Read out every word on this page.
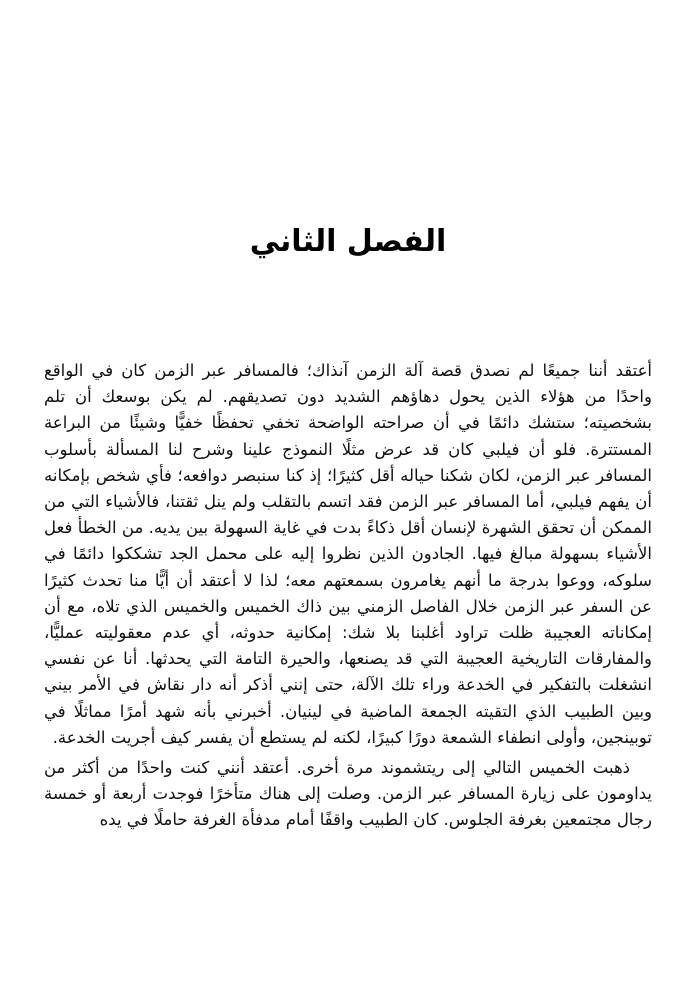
الفصل الثاني

أعتقد أننا جميعًا لم نصدق قصة آلة الزمن آنذاك؛ فالمسافر عبر الزمن كان في الواقع واحدًا من هؤلاء الذين يحول دهاؤهم الشديد دون تصديقهم. لم يكن بوسعك أن تلم بشخصيته؛ ستشك دائمًا في أن صراحته الواضحة تخفي تحفظًا خفيًّا وشيئًا من البراعة المستترة. فلو أن فيلبي كان قد عرض مثلًا النموذج علينا وشرح لنا المسألة بأسلوب المسافر عبر الزمن، لكان شكنا حياله أقل كثيرًا؛ إذ كنا سنبصر دوافعه؛ فأي شخص بإمكانه أن يفهم فيلبي، أما المسافر عبر الزمن فقد اتسم بالتقلب ولم ينل ثقتنا، فالأشياء التي من الممكن أن تحقق الشهرة لإنسان أقل ذكاءً بدت في غاية السهولة بين يديه. من الخطأ فعل الأشياء بسهولة مبالغ فيها. الجادون الذين نظروا إليه على محمل الجد تشككوا دائمًا في سلوكه، ووعوا بدرجة ما أنهم يغامرون بسمعتهم معه؛ لذا لا أعتقد أن أيًّا منا تحدث كثيرًا عن السفر عبر الزمن خلال الفاصل الزمني بين ذاك الخميس والخميس الذي تلاه، مع أن إمكاناته العجيبة ظلت تراود أغلبنا بلا شك: إمكانية حدوثه، أي عدم معقوليته عمليًّا، والمفارقات التاريخية العجيبة التي قد يصنعها، والحيرة التامة التي يحدثها. أنا عن نفسي انشغلت بالتفكير في الخدعة وراء تلك الآلة، حتى إنني أذكر أنه دار نقاش في الأمر بيني وبين الطبيب الذي التقيته الجمعة الماضية في لينيان. أخبرني بأنه شهد أمرًا مماثلًا في توبينجين، وأولى انطفاء الشمعة دورًا كبيرًا، لكنه لم يستطع أن يفسر كيف أجريت الخدعة.

ذهبت الخميس التالي إلى ريتشموند مرة أخرى. أعتقد أنني كنت واحدًا من أكثر من يداومون على زيارة المسافر عبر الزمن. وصلت إلى هناك متأخرًا فوجدت أربعة أو خمسة رجال مجتمعين بغرفة الجلوس. كان الطبيب واقفًا أمام مدفأة الغرفة حاملًا في يده
